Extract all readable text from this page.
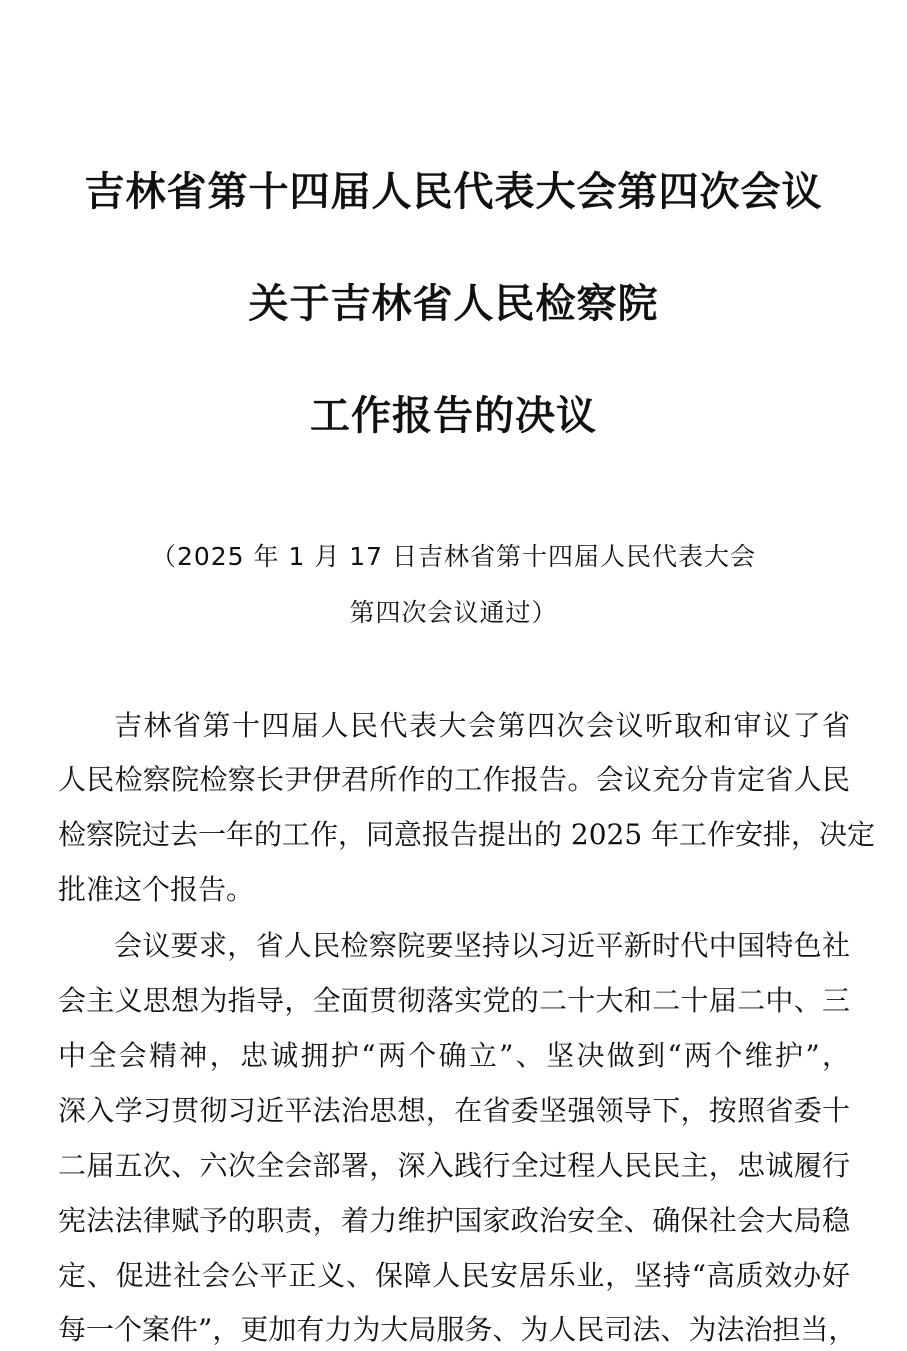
吉林省第十四届人民代表大会第四次会议
关于吉林省人民检察院
工作报告的决议
（2025 年 1 月 17 日吉林省第十四届人民代表大会
第四次会议通过）
吉林省第十四届人民代表大会第四次会议听取和审议了省
人民检察院检察长尹伊君所作的工作报告。会议充分肯定省人民
检察院过去一年的工作，同意报告提出的 2025 年工作安排，决定
批准这个报告。
会议要求，省人民检察院要坚持以习近平新时代中国特色社
会主义思想为指导，全面贯彻落实党的二十大和二十届二中、三
中全会精神，忠诚拥护“两个确立”、坚决做到“两个维护”，
深入学习贯彻习近平法治思想，在省委坚强领导下，按照省委十
二届五次、六次全会部署，深入践行全过程人民民主，忠诚履行
宪法法律赋予的职责，着力维护国家政治安全、确保社会大局稳
定、促进社会公平正义、保障人民安居乐业，坚持“高质效办好
每一个案件”，更加有力为大局服务、为人民司法、为法治担当，
